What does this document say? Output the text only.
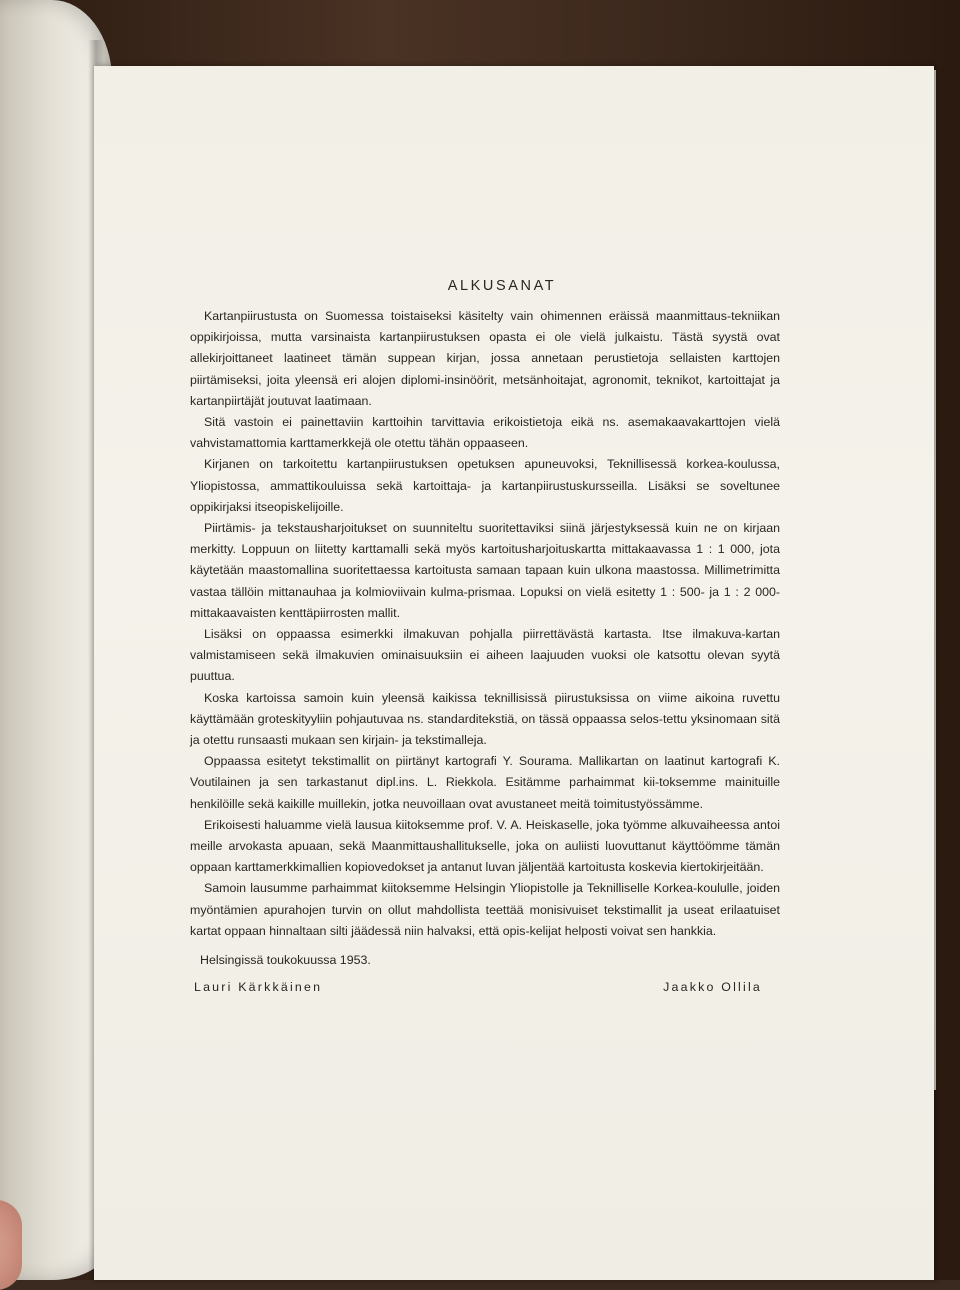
ALKUSANAT

Kartanpiirustusta on Suomessa toistaiseksi käsitelty vain ohimennen eräissä maanmittaus-tekniikan oppikirjoissa, mutta varsinaista kartanpiirustuksen opasta ei ole vielä julkaistu. Tästä syystä ovat allekirjoittaneet laatineet tämän suppean kirjan, jossa annetaan perustietoja sellaisten karttojen piirtämiseksi, joita yleensä eri alojen diplomi-insinöörit, metsänhoitajat, agronomit, teknikot, kartoittajat ja kartanpiirtäjät joutuvat laatimaan.

Sitä vastoin ei painettaviin karttoihin tarvittavia erikoistietoja eikä ns. asemakaavakarttojen vielä vahvistamattomia karttamerkkejä ole otettu tähän oppaaseen.

Kirjanen on tarkoitettu kartanpiirustuksen opetuksen apuneuvoksi, Teknillisessä korkea-koulussa, Yliopistossa, ammattikouluissa sekä kartoittaja- ja kartanpiirustuskursseilla. Lisäksi se soveltunee oppikirjaksi itseopiskelijoille.

Piirtämis- ja tekstausharjoitukset on suunniteltu suoritettaviksi siinä järjestyksessä kuin ne on kirjaan merkitty. Loppuun on liitetty karttamalli sekä myös kartoitusharjoituskartta mittakaavassa 1 : 1 000, jota käytetään maastomallina suoritettaessa kartoitusta samaan tapaan kuin ulkona maastossa. Millimetrimitta vastaa tällöin mittanauhaa ja kolmioviivain kulma-prismaa. Lopuksi on vielä esitetty 1 : 500- ja 1 : 2 000-mittakaavaisten kenttäpiirrosten mallit.

Lisäksi on oppaassa esimerkki ilmakuvan pohjalla piirrettävästä kartasta. Itse ilmakuva-kartan valmistamiseen sekä ilmakuvien ominaisuuksiin ei aiheen laajuuden vuoksi ole katsottu olevan syytä puuttua.

Koska kartoissa samoin kuin yleensä kaikissa teknillisissä piirustuksissa on viime aikoina ruvettu käyttämään groteskityyliin pohjautuvaa ns. standarditekstiä, on tässä oppaassa selos-tettu yksinomaan sitä ja otettu runsaasti mukaan sen kirjain- ja tekstimalleja.

Oppaassa esitetyt tekstimallit on piirtänyt kartografi Y. Sourama. Mallikartan on laatinut kartografi K. Voutilainen ja sen tarkastanut dipl.ins. L. Riekkola. Esitämme parhaimmat kii-toksemme mainituille henkilöille sekä kaikille muillekin, jotka neuvoillaan ovat avustaneet meitä toimitustyössämme.

Erikoisesti haluamme vielä lausua kiitoksemme prof. V. A. Heiskaselle, joka työmme alkuvaiheessa antoi meille arvokasta apuaan, sekä Maanmittaushallitukselle, joka on auliisti luovuttanut käyttöömme tämän oppaan karttamerkkimallien kopiovedokset ja antanut luvan jäljentää kartoitusta koskevia kiertokirjeitään.

Samoin lausumme parhaimmat kiitoksemme Helsingin Yliopistolle ja Teknilliselle Korkea-koululle, joiden myöntämien apurahojen turvin on ollut mahdollista teettää monisivuiset tekstimallit ja useat erilaatuiset kartat oppaan hinnaltaan silti jäädessä niin halvaksi, että opis-kelijat helposti voivat sen hankkia.

Helsingissä toukokuussa 1953.

Lauri Kärkkäinen	Jaakko Ollila
